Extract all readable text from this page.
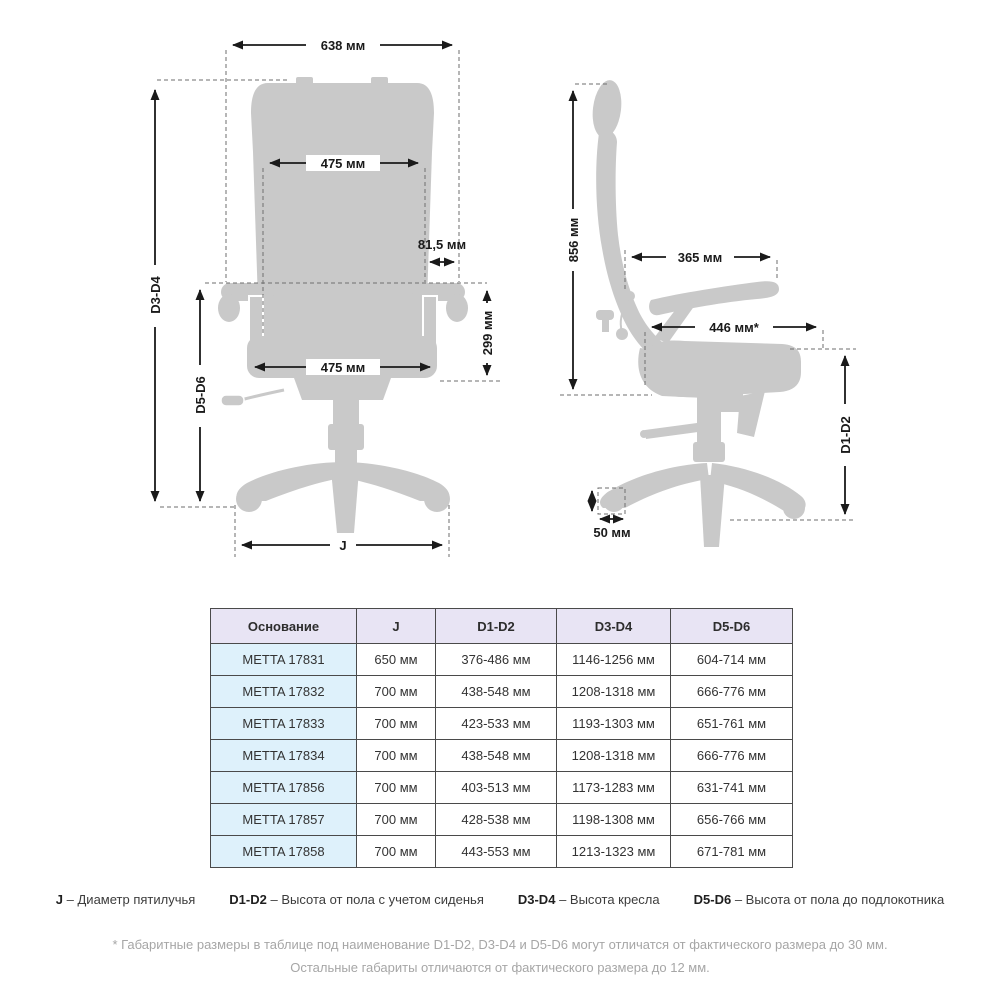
638 мм
475 мм
81,5 мм
299 мм
475 мм
D3-D4
D5-D6
J
856 мм	365 мм
446 мм*
D1-D2
50 мм
Основание	J	D1-D2	D3-D4	D5-D6
METTA 17831	650 мм	376-486 мм	1146-1256 мм	604-714 мм
METTA 17832	700 мм	438-548 мм	1208-1318 мм	666-776 мм
METTA 17833	700 мм	423-533 мм	1193-1303 мм	651-761 мм
METTA 17834	700 мм	438-548 мм	1208-1318 мм	666-776 мм
METTA 17856	700 мм	403-513 мм	1173-1283 мм	631-741 мм
METTA 17857	700 мм	428-538 мм	1198-1308 мм	656-766 мм
METTA 17858	700 мм	443-553 мм	1213-1323 мм	671-781 мм
J – Диаметр пятилучья	D1-D2 – Высота от пола с учетом сиденья	D3-D4 – Высота кресла	D5-D6 – Высота от пола до подлокотника
* Габаритные размеры в таблице под наименование D1-D2, D3-D4 и D5-D6 могут отличатся от фактического размера до 30 мм.
Остальные габариты отличаются от фактического размера до 12 мм.
